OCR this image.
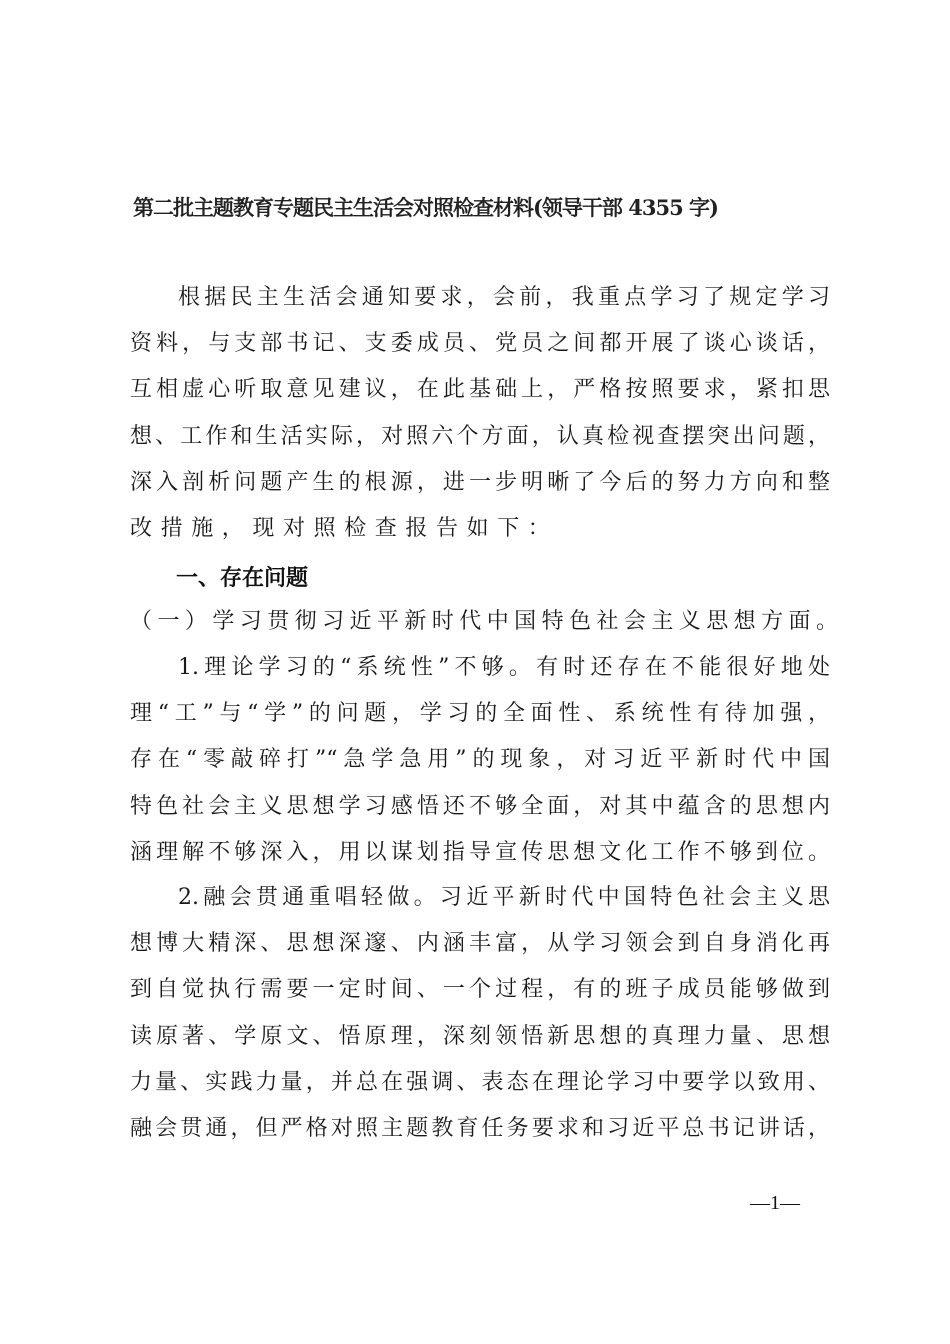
第二批主题教育专题民主生活会对照检查材料(领导干部 4355 字)
根据民主生活会通知要求，会前，我重点学习了规定学习
资料，与支部书记、支委成员、党员之间都开展了谈心谈话，
互相虚心听取意见建议，在此基础上，严格按照要求，紧扣思
想、工作和生活实际，对照六个方面，认真检视查摆突出问题，
深入剖析问题产生的根源，进一步明晰了今后的努力方向和整
改措施，现对照检查报告如下：
一、存在问题
（一）学习贯彻习近平新时代中国特色社会主义思想方面。
1.理论学习的“系统性”不够。有时还存在不能很好地处
理“工”与“学”的问题，学习的全面性、系统性有待加强，
存在“零敲碎打”“急学急用”的现象，对习近平新时代中国
特色社会主义思想学习感悟还不够全面，对其中蕴含的思想内
涵理解不够深入，用以谋划指导宣传思想文化工作不够到位。
2.融会贯通重唱轻做。习近平新时代中国特色社会主义思
想博大精深、思想深邃、内涵丰富，从学习领会到自身消化再
到自觉执行需要一定时间、一个过程，有的班子成员能够做到
读原著、学原文、悟原理，深刻领悟新思想的真理力量、思想
力量、实践力量，并总在强调、表态在理论学习中要学以致用、
融会贯通，但严格对照主题教育任务要求和习近平总书记讲话，
—1—
